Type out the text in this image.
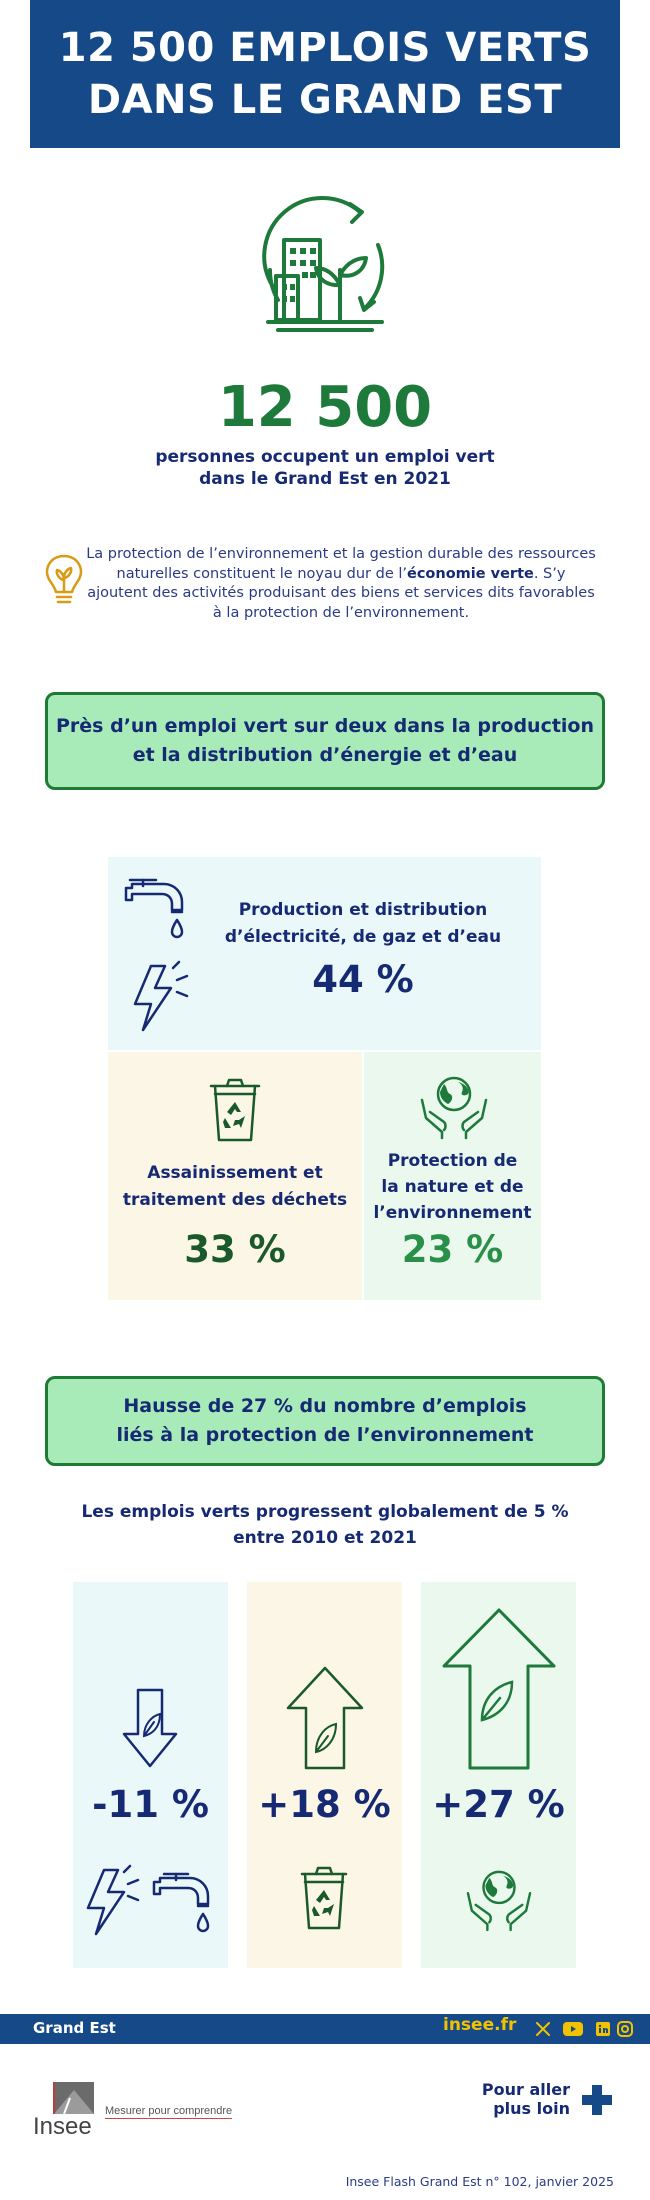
12 500 EMPLOIS VERTS
DANS LE GRAND EST
12 500
personnes occupent un emploi vert
dans le Grand Est en 2021
La protection de l’environnement et la gestion durable des ressources naturelles constituent le noyau dur de l’économie verte. S’y ajoutent des activités produisant des biens et services dits favorables à la protection de l’environnement.
Près d’un emploi vert sur deux dans la production
et la distribution d’énergie et d’eau
Production et distribution
d’électricité, de gaz et d’eau
44 %
Assainissement et
traitement des déchets
33 %
Protection de
la nature et de
l’environnement
23 %
Hausse de 27 % du nombre d’emplois
liés à la protection de l’environnement
Les emplois verts progressent globalement de 5 %
entre 2010 et 2021
-11 %	+18 %	+27 %
Grand Est	insee.fr
Insee
Mesurer pour comprendre
Pour aller
plus loin
Insee Flash Grand Est n° 102, janvier 2025
